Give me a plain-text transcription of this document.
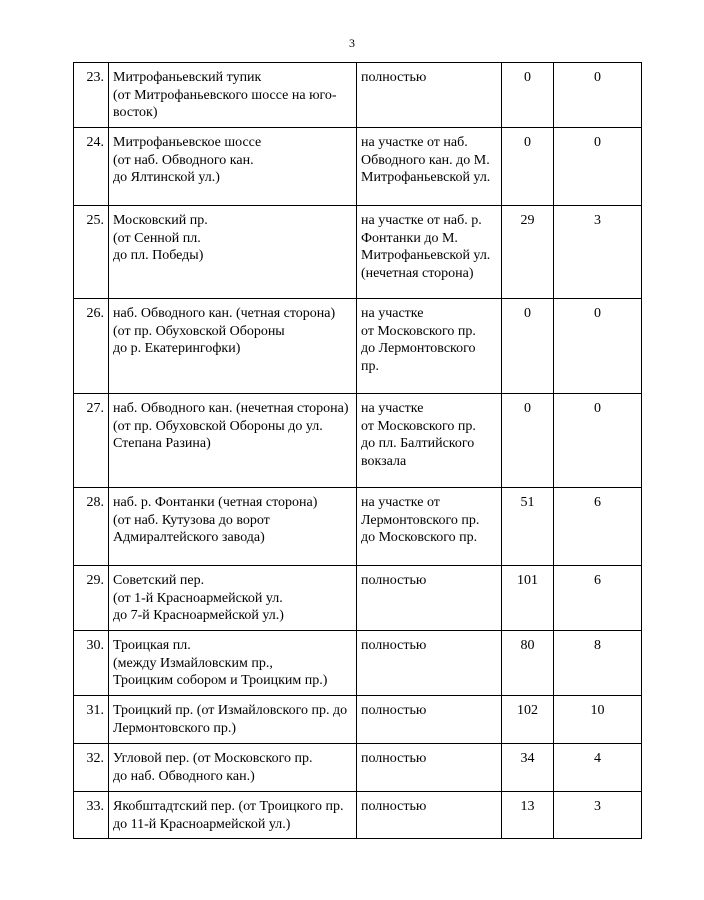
3
23.	Митрофаньевский тупик
(от Митрофаньевского шоссе на юго-восток)	полностью	0	0
24.	Митрофаньевское шоссе
(от наб. Обводного кан.
до Ялтинской ул.)	на участке от наб. Обводного кан. до М. Митрофаньевской ул.	0	0
25.	Московский пр.
(от Сенной пл.
до пл. Победы)	на участке от наб. р. Фонтанки до М. Митрофаньевской ул.
(нечетная сторона)	29	3
26.	наб. Обводного кан. (четная сторона)
(от пр. Обуховской Обороны
до р. Екатерингофки)	на участке
от Московского пр.
до Лермонтовского пр.	0	0
27.	наб. Обводного кан. (нечетная сторона) (от пр. Обуховской Обороны до ул. Степана Разина)	на участке
от Московского пр.
до пл. Балтийского вокзала	0	0
28.	наб. р. Фонтанки (четная сторона)
(от наб. Кутузова до ворот Адмиралтейского завода)	на участке от Лермонтовского пр.
до Московского пр.	51	6
29.	Советский пер.
(от 1-й Красноармейской ул.
до 7-й Красноармейской ул.)	полностью	101	6
30.	Троицкая пл.
(между Измайловским пр.,
Троицким собором и Троицким пр.)	полностью	80	8
31.	Троицкий пр. (от Измайловского пр. до Лермонтовского пр.)	полностью	102	10
32.	Угловой пер. (от Московского пр.
до наб. Обводного кан.)	полностью	34	4
33.	Якобштадтский пер. (от Троицкого пр. до 11-й Красноармейской ул.)	полностью	13	3
